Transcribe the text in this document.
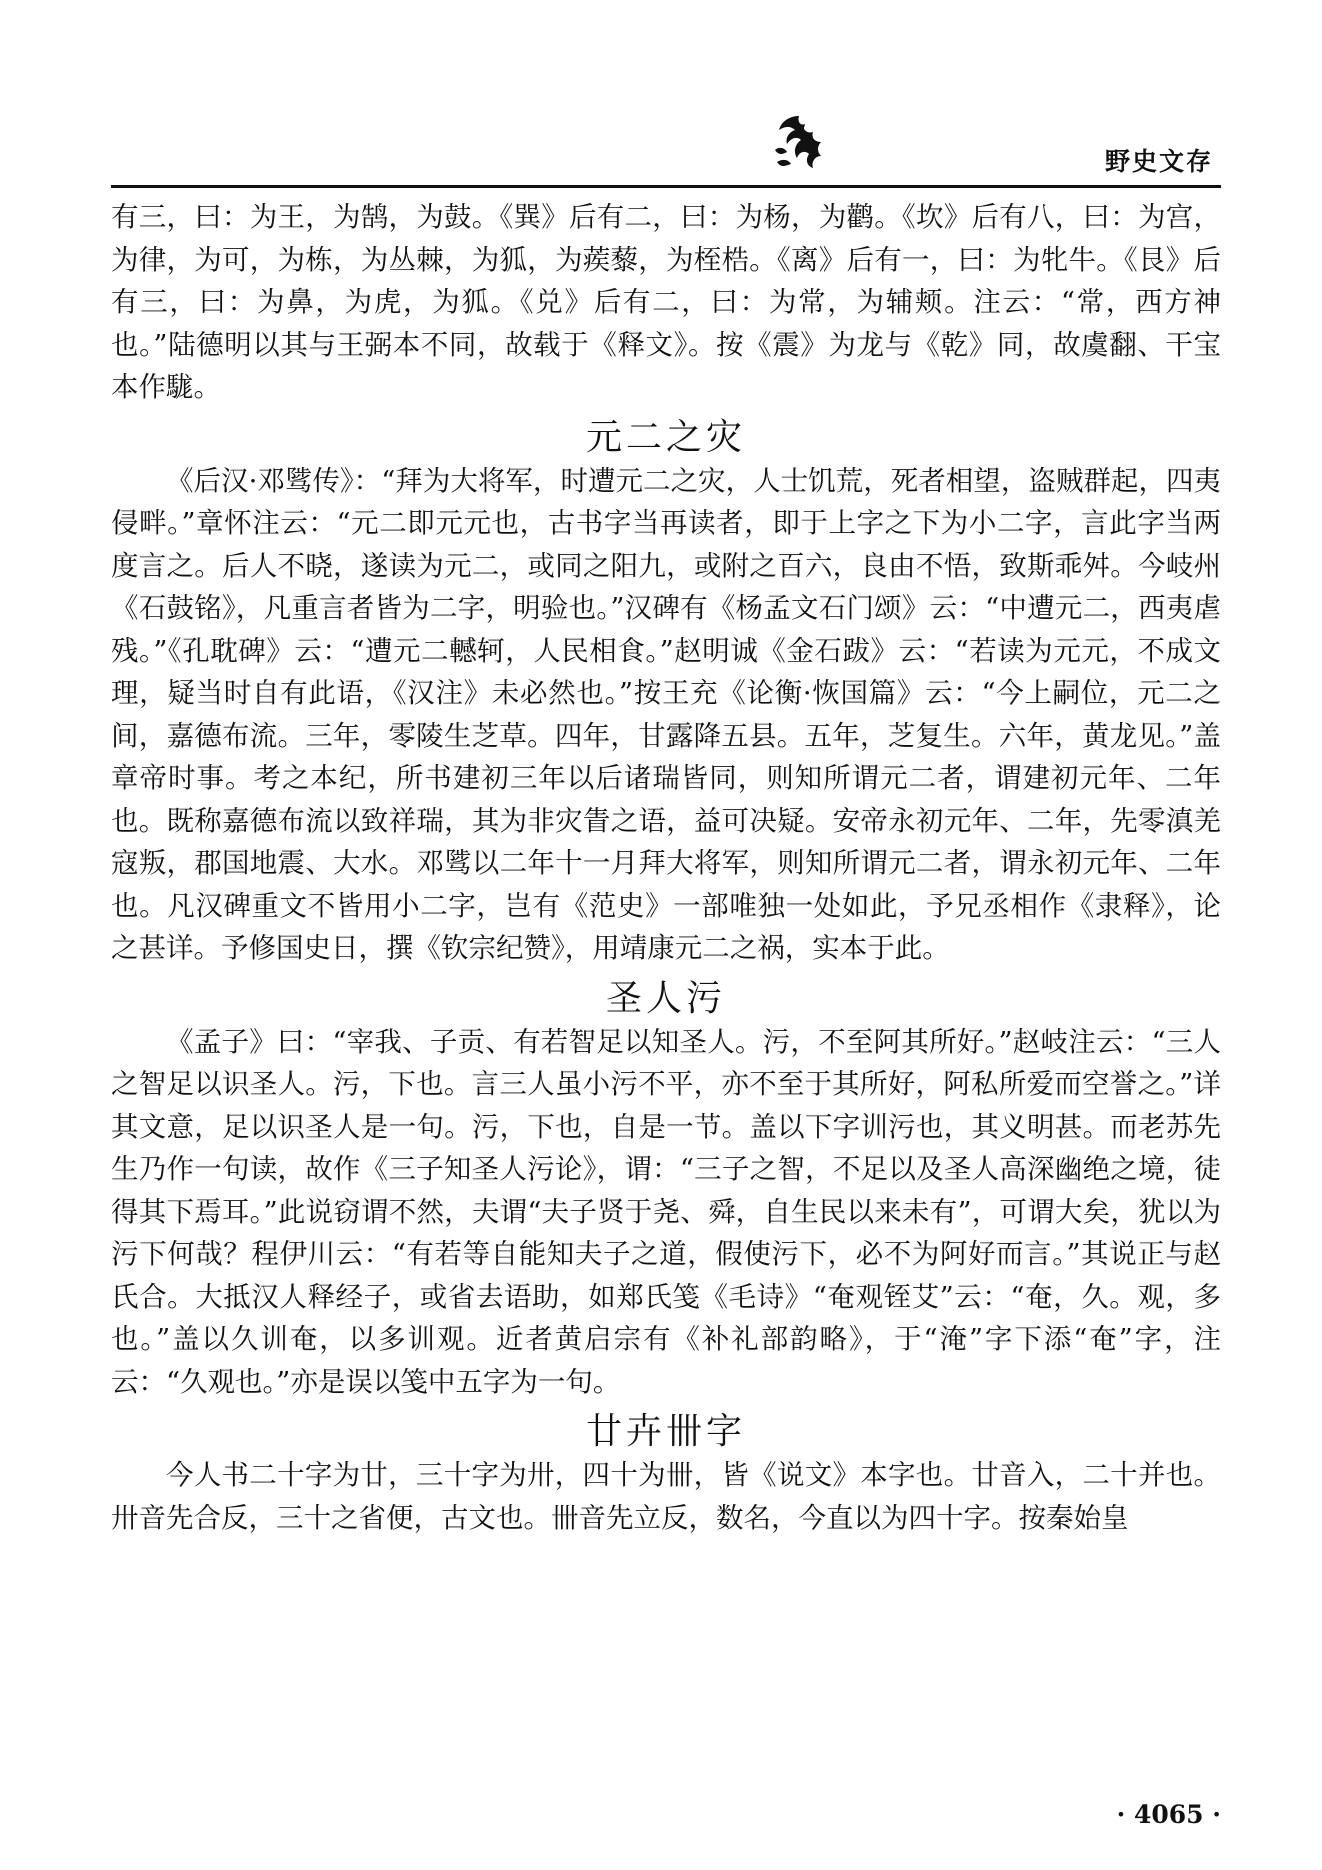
野史文存

有三，曰：为王，为鹄，为鼓。《巽》后有二，曰：为杨，为鹳。《坎》后有八，曰：为宫，为律，为可，为栋，为丛棘，为狐，为蒺藜，为桎梏。《离》后有一，曰：为牝牛。《艮》后有三，曰：为鼻，为虎，为狐。《兑》后有二，曰：为常，为辅颊。注云：“常，西方神也。”陆德明以其与王弼本不同，故载于《释文》。按《震》为龙与《乾》同，故虞翻、干宝本作駹。

元二之灾

《后汉·邓骘传》：“拜为大将军，时遭元二之灾，人士饥荒，死者相望，盗贼群起，四夷侵畔。”章怀注云：“元二即元元也，古书字当再读者，即于上字之下为小二字，言此字当两度言之。后人不晓，遂读为元二，或同之阳九，或附之百六，良由不悟，致斯乖舛。今岐州《石鼓铭》，凡重言者皆为二字，明验也。”汉碑有《杨孟文石门颂》云：“中遭元二，西夷虐残。”《孔耽碑》云：“遭元二轗轲，人民相食。”赵明诚《金石跋》云：“若读为元元，不成文理，疑当时自有此语，《汉注》未必然也。”按王充《论衡·恢国篇》云：“今上嗣位，元二之间，嘉德布流。三年，零陵生芝草。四年，甘露降五县。五年，芝复生。六年，黄龙见。”盖章帝时事。考之本纪，所书建初三年以后诸瑞皆同，则知所谓元二者，谓建初元年、二年也。既称嘉德布流以致祥瑞，其为非灾眚之语，益可决疑。安帝永初元年、二年，先零滇羌寇叛，郡国地震、大水。邓骘以二年十一月拜大将军，则知所谓元二者，谓永初元年、二年也。凡汉碑重文不皆用小二字，岂有《范史》一部唯独一处如此，予兄丞相作《隶释》，论之甚详。予修国史日，撰《钦宗纪赞》，用靖康元二之祸，实本于此。

圣人污

《孟子》曰：“宰我、子贡、有若智足以知圣人。污，不至阿其所好。”赵岐注云：“三人之智足以识圣人。污，下也。言三人虽小污不平，亦不至于其所好，阿私所爱而空誉之。”详其文意，足以识圣人是一句。污，下也，自是一节。盖以下字训污也，其义明甚。而老苏先生乃作一句读，故作《三子知圣人污论》，谓：“三子之智，不足以及圣人高深幽绝之境，徒得其下焉耳。”此说窃谓不然，夫谓“夫子贤于尧、舜，自生民以来未有”，可谓大矣，犹以为污下何哉？程伊川云：“有若等自能知夫子之道，假使污下，必不为阿好而言。”其说正与赵氏合。大抵汉人释经子，或省去语助，如郑氏笺《毛诗》“奄观铚艾”云：“奄，久。观，多也。”盖以久训奄，以多训观。近者黄启宗有《补礼部韵略》，于“淹”字下添“奄”字，注云：“久观也。”亦是误以笺中五字为一句。

廿卉卌字

今人书二十字为廿，三十字为卅，四十为卌，皆《说文》本字也。廿音入，二十并也。卅音先合反，三十之省便，古文也。卌音先立反，数名，今直以为四十字。按秦始皇

· 4065 ·
